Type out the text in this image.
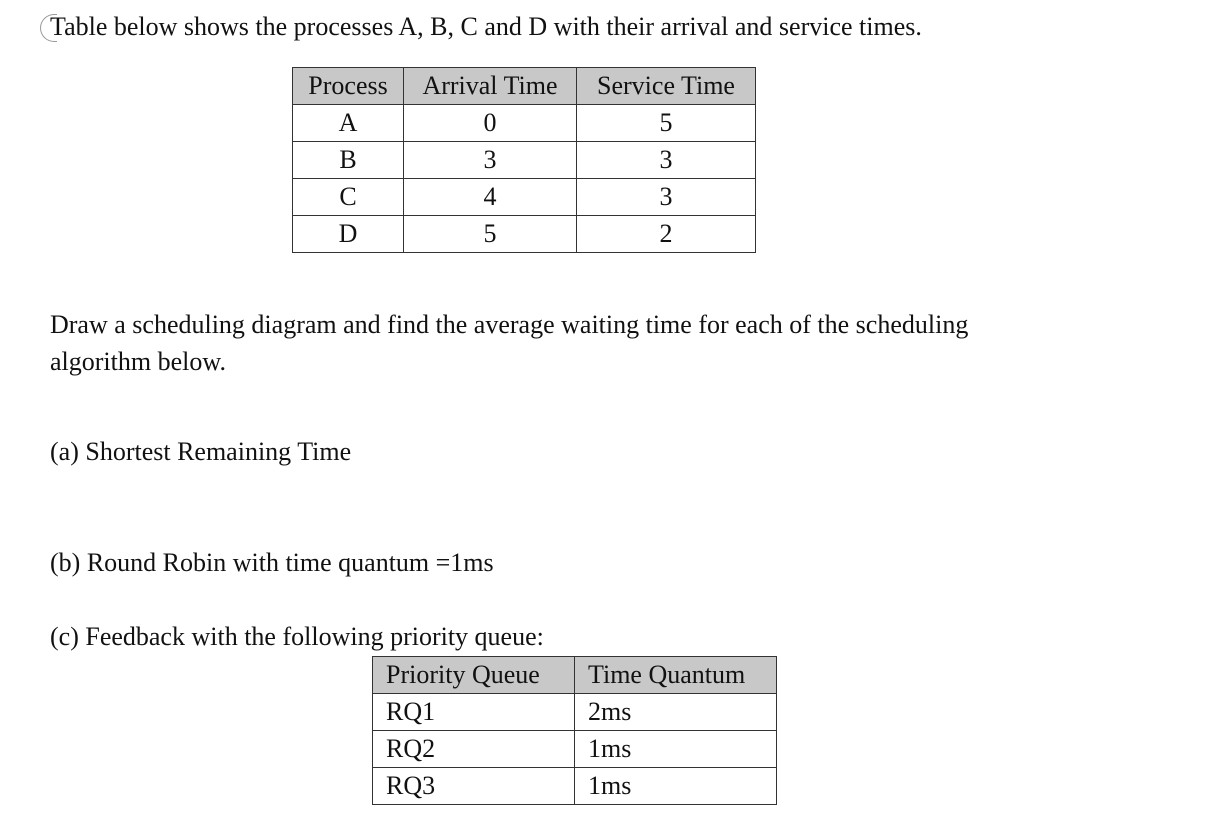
Table below shows the processes A, B, C and D with their arrival and service times.
Process	Arrival Time	Service Time
A	0	5
B	3	3
C	4	3
D	5	2
Draw a scheduling diagram and find the average waiting time for each of the scheduling algorithm below.
(a) Shortest Remaining Time
(b) Round Robin with time quantum =1ms
(c) Feedback with the following priority queue:
Priority Queue	Time Quantum
RQ1	2ms
RQ2	1ms
RQ3	1ms
